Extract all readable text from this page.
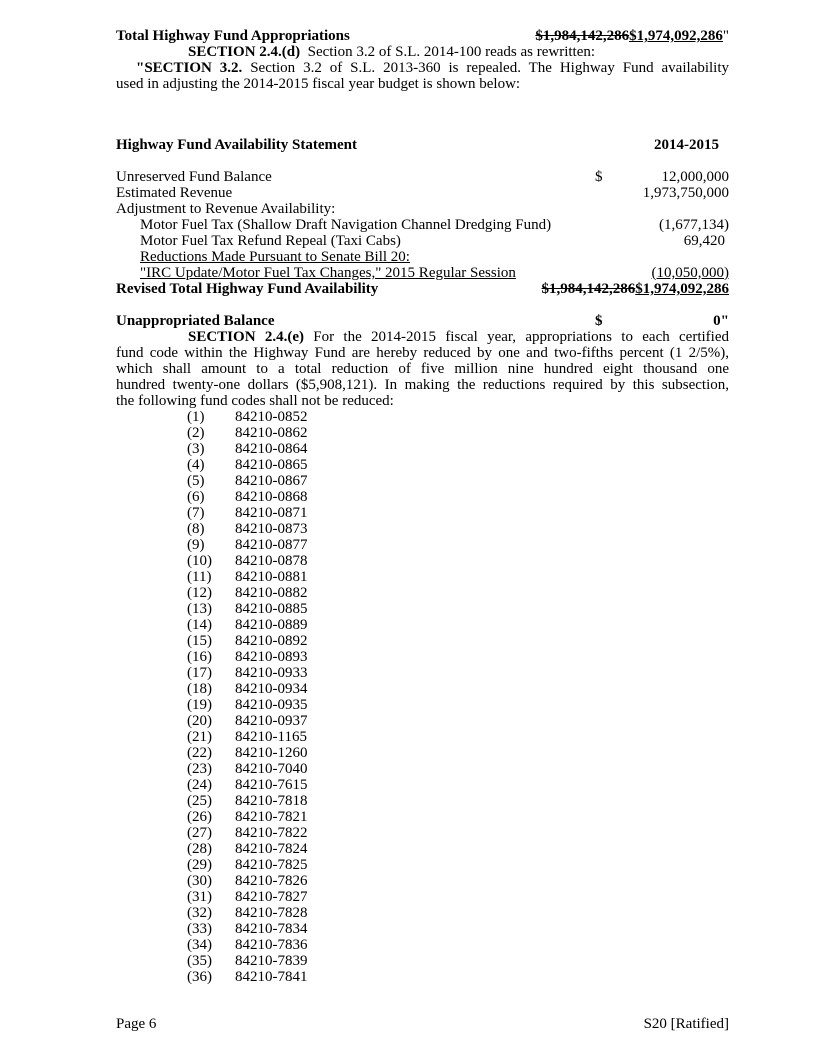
Total Highway Fund Appropriations	$1,984,142,286$1,974,092,286"
SECTION 2.4.(d) Section 3.2 of S.L. 2014-100 reads as rewritten:
"SECTION 3.2. Section 3.2 of S.L. 2013-360 is repealed. The Highway Fund availability
used in adjusting the 2014-2015 fiscal year budget is shown below:
Highway Fund Availability Statement	2014-2015
Unreserved Fund Balance	$	12,000,000
Estimated Revenue	1,973,750,000
Adjustment to Revenue Availability:
Motor Fuel Tax (Shallow Draft Navigation Channel Dredging Fund)	(1,677,134)
Motor Fuel Tax Refund Repeal (Taxi Cabs)	69,420
Reductions Made Pursuant to Senate Bill 20:
"IRC Update/Motor Fuel Tax Changes," 2015 Regular Session	(10,050,000)
Revised Total Highway Fund Availability	$1,984,142,286$1,974,092,286
Unappropriated Balance	$	0"
SECTION 2.4.(e) For the 2014-2015 fiscal year, appropriations to each certified
fund code within the Highway Fund are hereby reduced by one and two-fifths percent (1 2/5%),
which shall amount to a total reduction of five million nine hundred eight thousand one
hundred twenty-one dollars ($5,908,121). In making the reductions required by this subsection,
the following fund codes shall not be reduced:
(1) 84210-0852
(2) 84210-0862
(3) 84210-0864
(4) 84210-0865
(5) 84210-0867
(6) 84210-0868
(7) 84210-0871
(8) 84210-0873
(9) 84210-0877
(10) 84210-0878
(11) 84210-0881
(12) 84210-0882
(13) 84210-0885
(14) 84210-0889
(15) 84210-0892
(16) 84210-0893
(17) 84210-0933
(18) 84210-0934
(19) 84210-0935
(20) 84210-0937
(21) 84210-1165
(22) 84210-1260
(23) 84210-7040
(24) 84210-7615
(25) 84210-7818
(26) 84210-7821
(27) 84210-7822
(28) 84210-7824
(29) 84210-7825
(30) 84210-7826
(31) 84210-7827
(32) 84210-7828
(33) 84210-7834
(34) 84210-7836
(35) 84210-7839
(36) 84210-7841
Page 6	S20 [Ratified]
